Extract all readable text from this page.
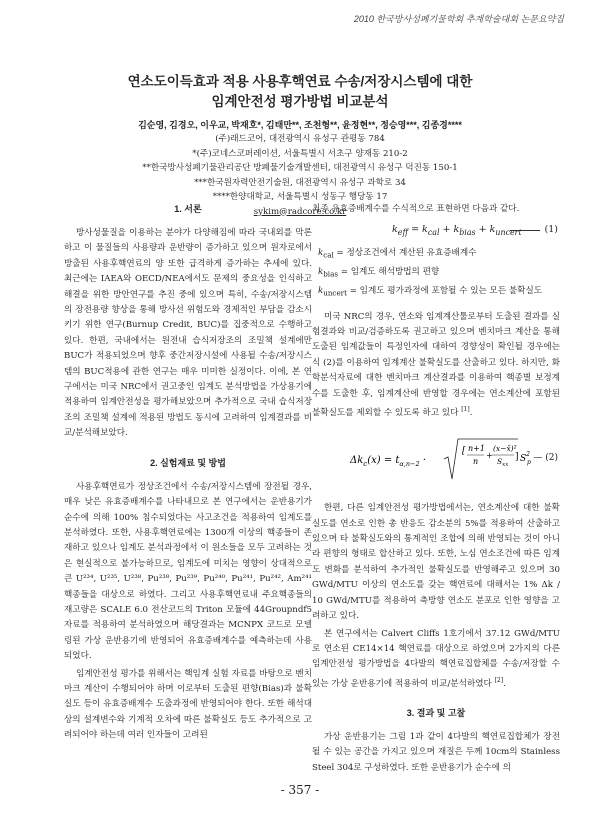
2010 한국방사성폐기물학회 추계학술대회 논문요약집
연소도이득효과 적용 사용후핵연료 수송/저장시스템에 대한
임계안전성 평가방법 비교분석
김순영, 김경오, 이우교, 박재호*, 김태만**, 조천형**, 윤정현**, 정승영***, 김종경****
(주)래드코어, 대전광역시 유성구 관평동 784
*(주)코네스코퍼레이션, 서울특별시 서초구 양재동 210-2
**한국방사성폐기물관리공단 방폐물기술개발센터, 대전광역시 유성구 덕진동 150-1
***한국원자력안전기술원, 대전광역시 유성구 과학로 34
****한양대학교, 서울특별시 성동구 행당동 17
sykim@radcore.co.kr
1. 서론

방사성물질을 이용하는 분야가 다양해짐에 따라 국내외를 막론하고 이 물질들의 사용량과 운반량이 증가하고 있으며 원자로에서 방출된 사용후핵연료의 양 또한 급격하게 증가하는 추세에 있다. 최근에는 IAEA와 OECD/NEA에서도 문제의 중요성을 인식하고 해결을 위한 방안연구를 추진 중에 있으며 특히, 수송/저장시스템의 장전용량 향상을 통해 방사선 위험도와 경제적인 부담을 감소시키기 위한 연구(Burnup Credit, BUC)를 집중적으로 수행하고 있다. 한편, 국내에서는 원전내 습식저장조의 조밀책 설계에만 BUC가 적용되었으며 향후 중간저장시설에 사용될 수송/저장시스템의 BUC적용에 관한 연구는 매우 미미한 실정이다. 이에, 본 연구에서는 미국 NRC에서 권고중인 임계도 분석방법을 가상용기에 적용하여 임계안전성을 평가해보았으며 추가적으로 국내 습식저장조의 조밀책 설계에 적용된 방법도 동시에 고려하여 임계결과를 비교/분석해보았다.

2. 실험재료 및 방법

사용후핵연료가 정상조건에서 수송/저장시스템에 장전될 경우, 매우 낮은 유효증배계수를 나타내므로 본 연구에서는 운반용기가 순수에 의해 100% 침수되었다는 사고조건을 적용하여 임계도를 분석하였다. 또한, 사용후핵연료에는 1300개 이상의 핵종들이 존재하고 있으나 임계도 분석과정에서 이 원소들을 모두 고려하는 것은 현실적으로 불가능하므로, 임계도에 미치는 영향이 상대적으로 큰 U²³⁴, U²³⁵, U²³⁸, Pu²³⁸, Pu²³⁹, Pu²⁴⁰, Pu²⁴¹, Pu²⁴², Am²⁴¹ 핵종들을 대상으로 하였다. 그리고 사용후핵연료내 주요핵종들의 재고량은 SCALE 6.0 전산코드의 Triton 모듈에 44Groupndf5 자료를 적용하여 분석하였으며 해당결과는 MCNPX 코드로 모델링된 가상 운반용기에 반영되어 유효증배계수를 예측하는데 사용되었다.

임계안전성 평가를 위해서는 핵임계 실험 자료를 바탕으로 벤치마크 계산이 수행되어야 하며 이로부터 도출된 편향(Bias)과 불확실도 등이 유효증배계수 도출과정에 반영되어야 한다. 또한 해석대상의 설계변수와 기계적 오차에 따른 불확실도 등도 추가적으로 고려되어야 하는데 여러 인자들이 고려된

최종 유효증배계수를 수식적으로 표현하면 다음과 같다.

$k_{eff} = k_{cal} + k_{bias} + k_{uncert}$ (1)
$k_{cal}$ = 정상조건에서 계산된 유효증배계수
$k_{bias}$ = 임계도 해석방법의 편향
$k_{uncert}$ = 임계도 평가과정에 포함될 수 있는 모든 불확실도

미국 NRC의 경우, 연소와 임계계산툴로부터 도출된 결과를 실험결과와 비교/검증하도록 권고하고 있으며 벤치마크 계산을 통해 도출된 임계값들이 특정인자에 대하여 경향성이 확인될 경우에는 식 (2)를 이용하여 임계계산 불확실도를 산출하고 있다. 하지만, 화학분석자료에 대한 벤치마크 계산결과를 이용하여 핵종별 보정계수를 도출한 후, 임계계산에 반영할 경우에는 연소계산에 포함된 불확실도를 제외할 수 있도록 하고 있다 [1].

$\Delta k_c(x) = t_{\alpha,n-2}$ ·
[ n+1
n
+
(x−x̄)²
$S_{xx}$
] $S^2$ p — (2)

한편, 다른 임계안전성 평가방법에서는, 연소계산에 대한 불확실도를 연소로 인한 총 반응도 감소분의 5%를 적용하여 산출하고 있으며 타 불확실도와의 통계적인 조합에 의해 반영되는 것이 아니라 편향의 형태로 합산하고 있다. 또한, 노심 연소조건에 따른 임계도 변화를 분석하여 추가적인 불확실도를 반영해주고 있으며 30 GWd/MTU 이상의 연소도를 갖는 핵연료에 대해서는 1% Δk / 10 GWd/MTU를 적용하여 축방향 연소도 분포로 인한 영향을 고려하고 있다.

본 연구에서는 Calvert Cliffs 1호기에서 37.12 GWd/MTU로 연소된 CE14×14 핵연료를 대상으로 하였으며 2가지의 다른 임계안전성 평가방법을 4다발의 핵연료집합체를 수송/저장할 수 있는 가상 운반용기에 적용하여 비교/분석하였다 [2].

3. 결과 및 고찰

가상 운반용기는 그림 1과 같이 4다발의 핵연료집합체가 장전될 수 있는 공간을 가지고 있으며 재질은 두께 10cm의 Stainless Steel 304로 구성하였다. 또한 운반용기가 순수에 의

- 357 -
